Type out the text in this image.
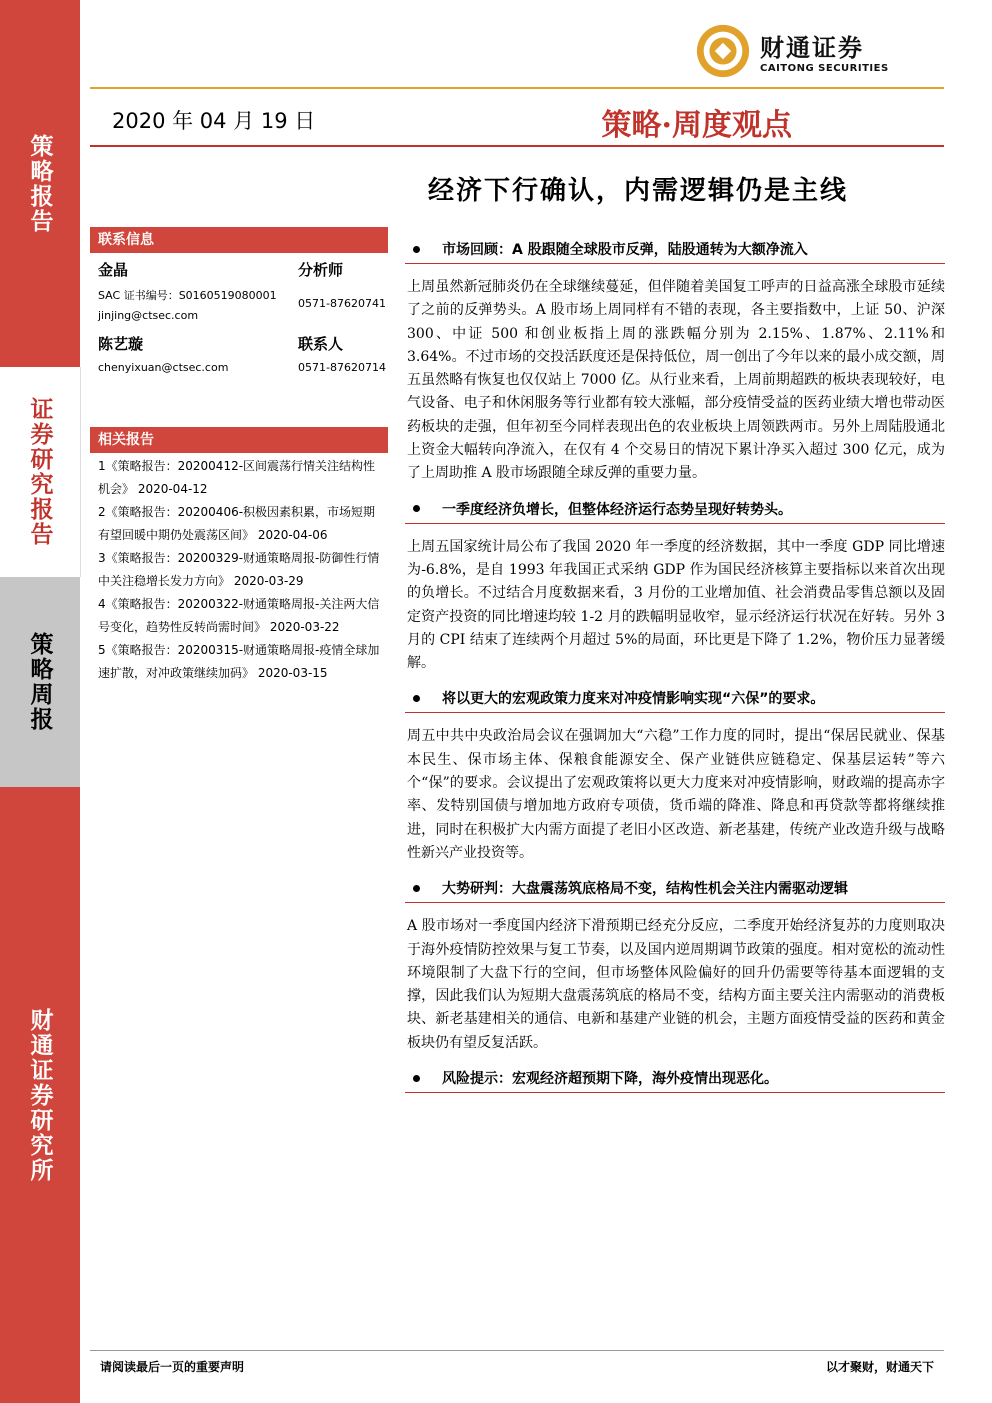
策略报告
证券研究报告
策略周报
财通证券研究所
财通证券
CAITONG SECURITIES
2020 年 04 月 19 日	策略·周度观点
经济下行确认，内需逻辑仍是主线
联系信息
金晶	分析师
SAC 证书编号：S0160519080001
0571-87620741
jinjing@ctsec.com
陈艺璇	联系人
chenyixuan@ctsec.com	0571-87620714
相关报告
1《策略报告：20200412-区间震荡行情关注结构性机会》 2020-04-12
2《策略报告：20200406-积极因素积累，市场短期有望回暖中期仍处震荡区间》 2020-04-06
3《策略报告：20200329-财通策略周报-防御性行情中关注稳增长发力方向》 2020-03-29
4《策略报告：20200322-财通策略周报-关注两大信号变化，趋势性反转尚需时间》 2020-03-22
5《策略报告：20200315-财通策略周报-疫情全球加速扩散，对冲政策继续加码》 2020-03-15
市场回顾：A 股跟随全球股市反弹，陆股通转为大额净流入
上周虽然新冠肺炎仍在全球继续蔓延，但伴随着美国复工呼声的日益高涨全球股市延续了之前的反弹势头。A 股市场上周同样有不错的表现，各主要指数中，上证 50、沪深 300、中证 500 和创业板指上周的涨跌幅分别为 2.15%、1.87%、2.11%和 3.64%。不过市场的交投活跃度还是保持低位，周一创出了今年以来的最小成交额，周五虽然略有恢复也仅仅站上 7000 亿。从行业来看，上周前期超跌的板块表现较好，电气设备、电子和休闲服务等行业都有较大涨幅，部分疫情受益的医药业绩大增也带动医药板块的走强，但年初至今同样表现出色的农业板块上周领跌两市。另外上周陆股通北上资金大幅转向净流入，在仅有 4 个交易日的情况下累计净买入超过 300 亿元，成为了上周助推 A 股市场跟随全球反弹的重要力量。
一季度经济负增长，但整体经济运行态势呈现好转势头。
上周五国家统计局公布了我国 2020 年一季度的经济数据，其中一季度 GDP 同比增速为-6.8%，是自 1993 年我国正式采纳 GDP 作为国民经济核算主要指标以来首次出现的负增长。不过结合月度数据来看，3 月份的工业增加值、社会消费品零售总额以及固定资产投资的同比增速均较 1-2 月的跌幅明显收窄，显示经济运行状况在好转。另外 3 月的 CPI 结束了连续两个月超过 5%的局面，环比更是下降了 1.2%，物价压力显著缓解。
将以更大的宏观政策力度来对冲疫情影响实现“六保”的要求。
周五中共中央政治局会议在强调加大“六稳”工作力度的同时，提出“保居民就业、保基本民生、保市场主体、保粮食能源安全、保产业链供应链稳定、保基层运转”等六个“保”的要求。会议提出了宏观政策将以更大力度来对冲疫情影响，财政端的提高赤字率、发特别国债与增加地方政府专项债，货币端的降准、降息和再贷款等都将继续推进，同时在积极扩大内需方面提了老旧小区改造、新老基建，传统产业改造升级与战略性新兴产业投资等。
大势研判：大盘震荡筑底格局不变，结构性机会关注内需驱动逻辑
A 股市场对一季度国内经济下滑预期已经充分反应，二季度开始经济复苏的力度则取决于海外疫情防控效果与复工节奏，以及国内逆周期调节政策的强度。相对宽松的流动性环境限制了大盘下行的空间，但市场整体风险偏好的回升仍需要等待基本面逻辑的支撑，因此我们认为短期大盘震荡筑底的格局不变，结构方面主要关注内需驱动的消费板块、新老基建相关的通信、电新和基建产业链的机会，主题方面疫情受益的医药和黄金板块仍有望反复活跃。
风险提示：宏观经济超预期下降，海外疫情出现恶化。
请阅读最后一页的重要声明	以才聚财，财通天下
